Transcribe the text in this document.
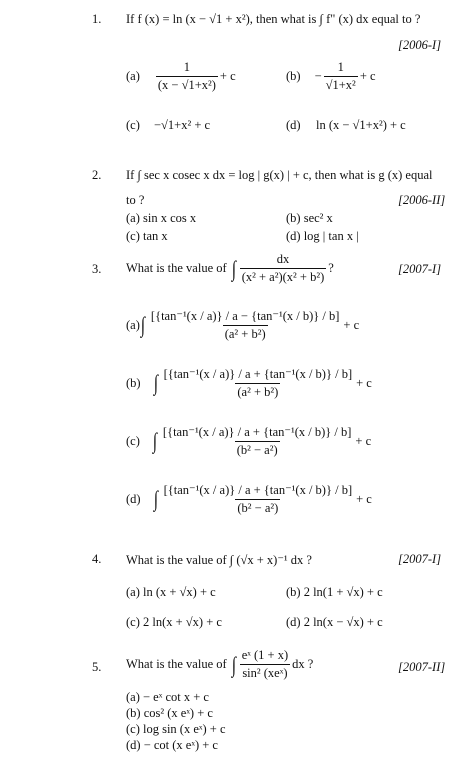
1. If f (x) = ln (x − √1 + x²), then what is ∫ f" (x) dx equal to ?
[2006-I]
$(a) \frac{1}{\text{(x − √1+x²)}} + c$	$(b) - \frac{1}{\text{√1+x²}} + c$
(c) −√1+x² + c	(d) ln (x − √1+x²) + c
2. If ∫ sec x cosec x dx = log | g(x) | + c, then what is g (x) equal
to ?	[2006-II]
(a) sin x cos x	(b) sec² x
(c) tan x	(d) log | tan x |
3. What is the value of ∫ $\frac{dx}{\text{(x² + a²)(x² + b²)}}$ ?	[2007-I]
(a) ∫ $\frac{\text{[\{tan⁻¹(x / a)\} / a − \{tan⁻¹(x / b)\} / b]}}{\text{(a² + b²)}} + c$
(b) ∫ $\frac{\text{[\{tan⁻¹(x / a)\} / a + \{tan⁻¹(x / b)\} / b]}}{\text{(a² + b²)}} + c$
(c) ∫ $\frac{\text{[\{tan⁻¹(x / a)\} / a + \{tan⁻¹(x / b)\} / b]}}{\text{(b² − a²)}} + c$
(d) ∫ $\frac{\text{[\{tan⁻¹(x / a)\} / a + \{tan⁻¹(x / b)\} / b]}}{\text{(b² − a²)}} + c$
4. What is the value of ∫ (√x + x)⁻¹ dx ?	[2007-I]
(a) ln (x + √x) + c	(b) 2 ln(1 + √x) + c
(c) 2 ln(x + √x) + c	(d) 2 ln(x − √x) + c
5. What is the value of ∫ $\frac{\text{eˣ (1 + x)}}{\text{sin² (xeˣ)}}$ dx ?	[2007-II]
(a) − eˣ cot x + c
(b) cos² (x eˣ) + c
(c) log sin (x eˣ) + c
(d) − cot (x eˣ) + c
